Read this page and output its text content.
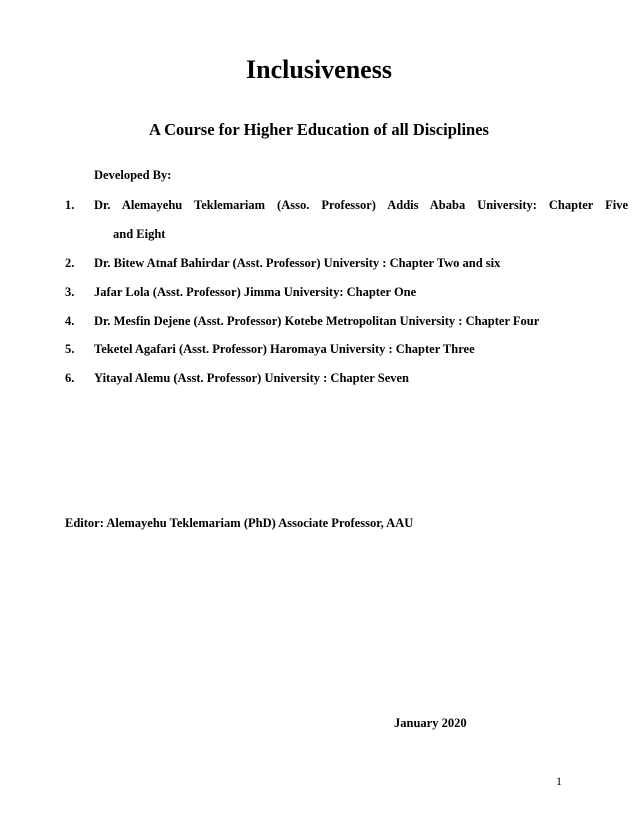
Inclusiveness
A Course for Higher Education of all Disciplines
Developed By:
1.	Dr. Alemayehu Teklemariam (Asso. Professor) Addis Ababa University: Chapter Five
and Eight
2.	Dr. Bitew Atnaf Bahirdar (Asst. Professor) University : Chapter Two and six
3.	Jafar Lola (Asst. Professor) Jimma University: Chapter One
4.	Dr. Mesfin Dejene (Asst. Professor) Kotebe Metropolitan University : Chapter Four
5.	Teketel Agafari (Asst. Professor) Haromaya University : Chapter Three
6.	Yitayal Alemu (Asst. Professor) University : Chapter Seven
Editor: Alemayehu Teklemariam (PhD) Associate Professor, AAU
January 2020
1
